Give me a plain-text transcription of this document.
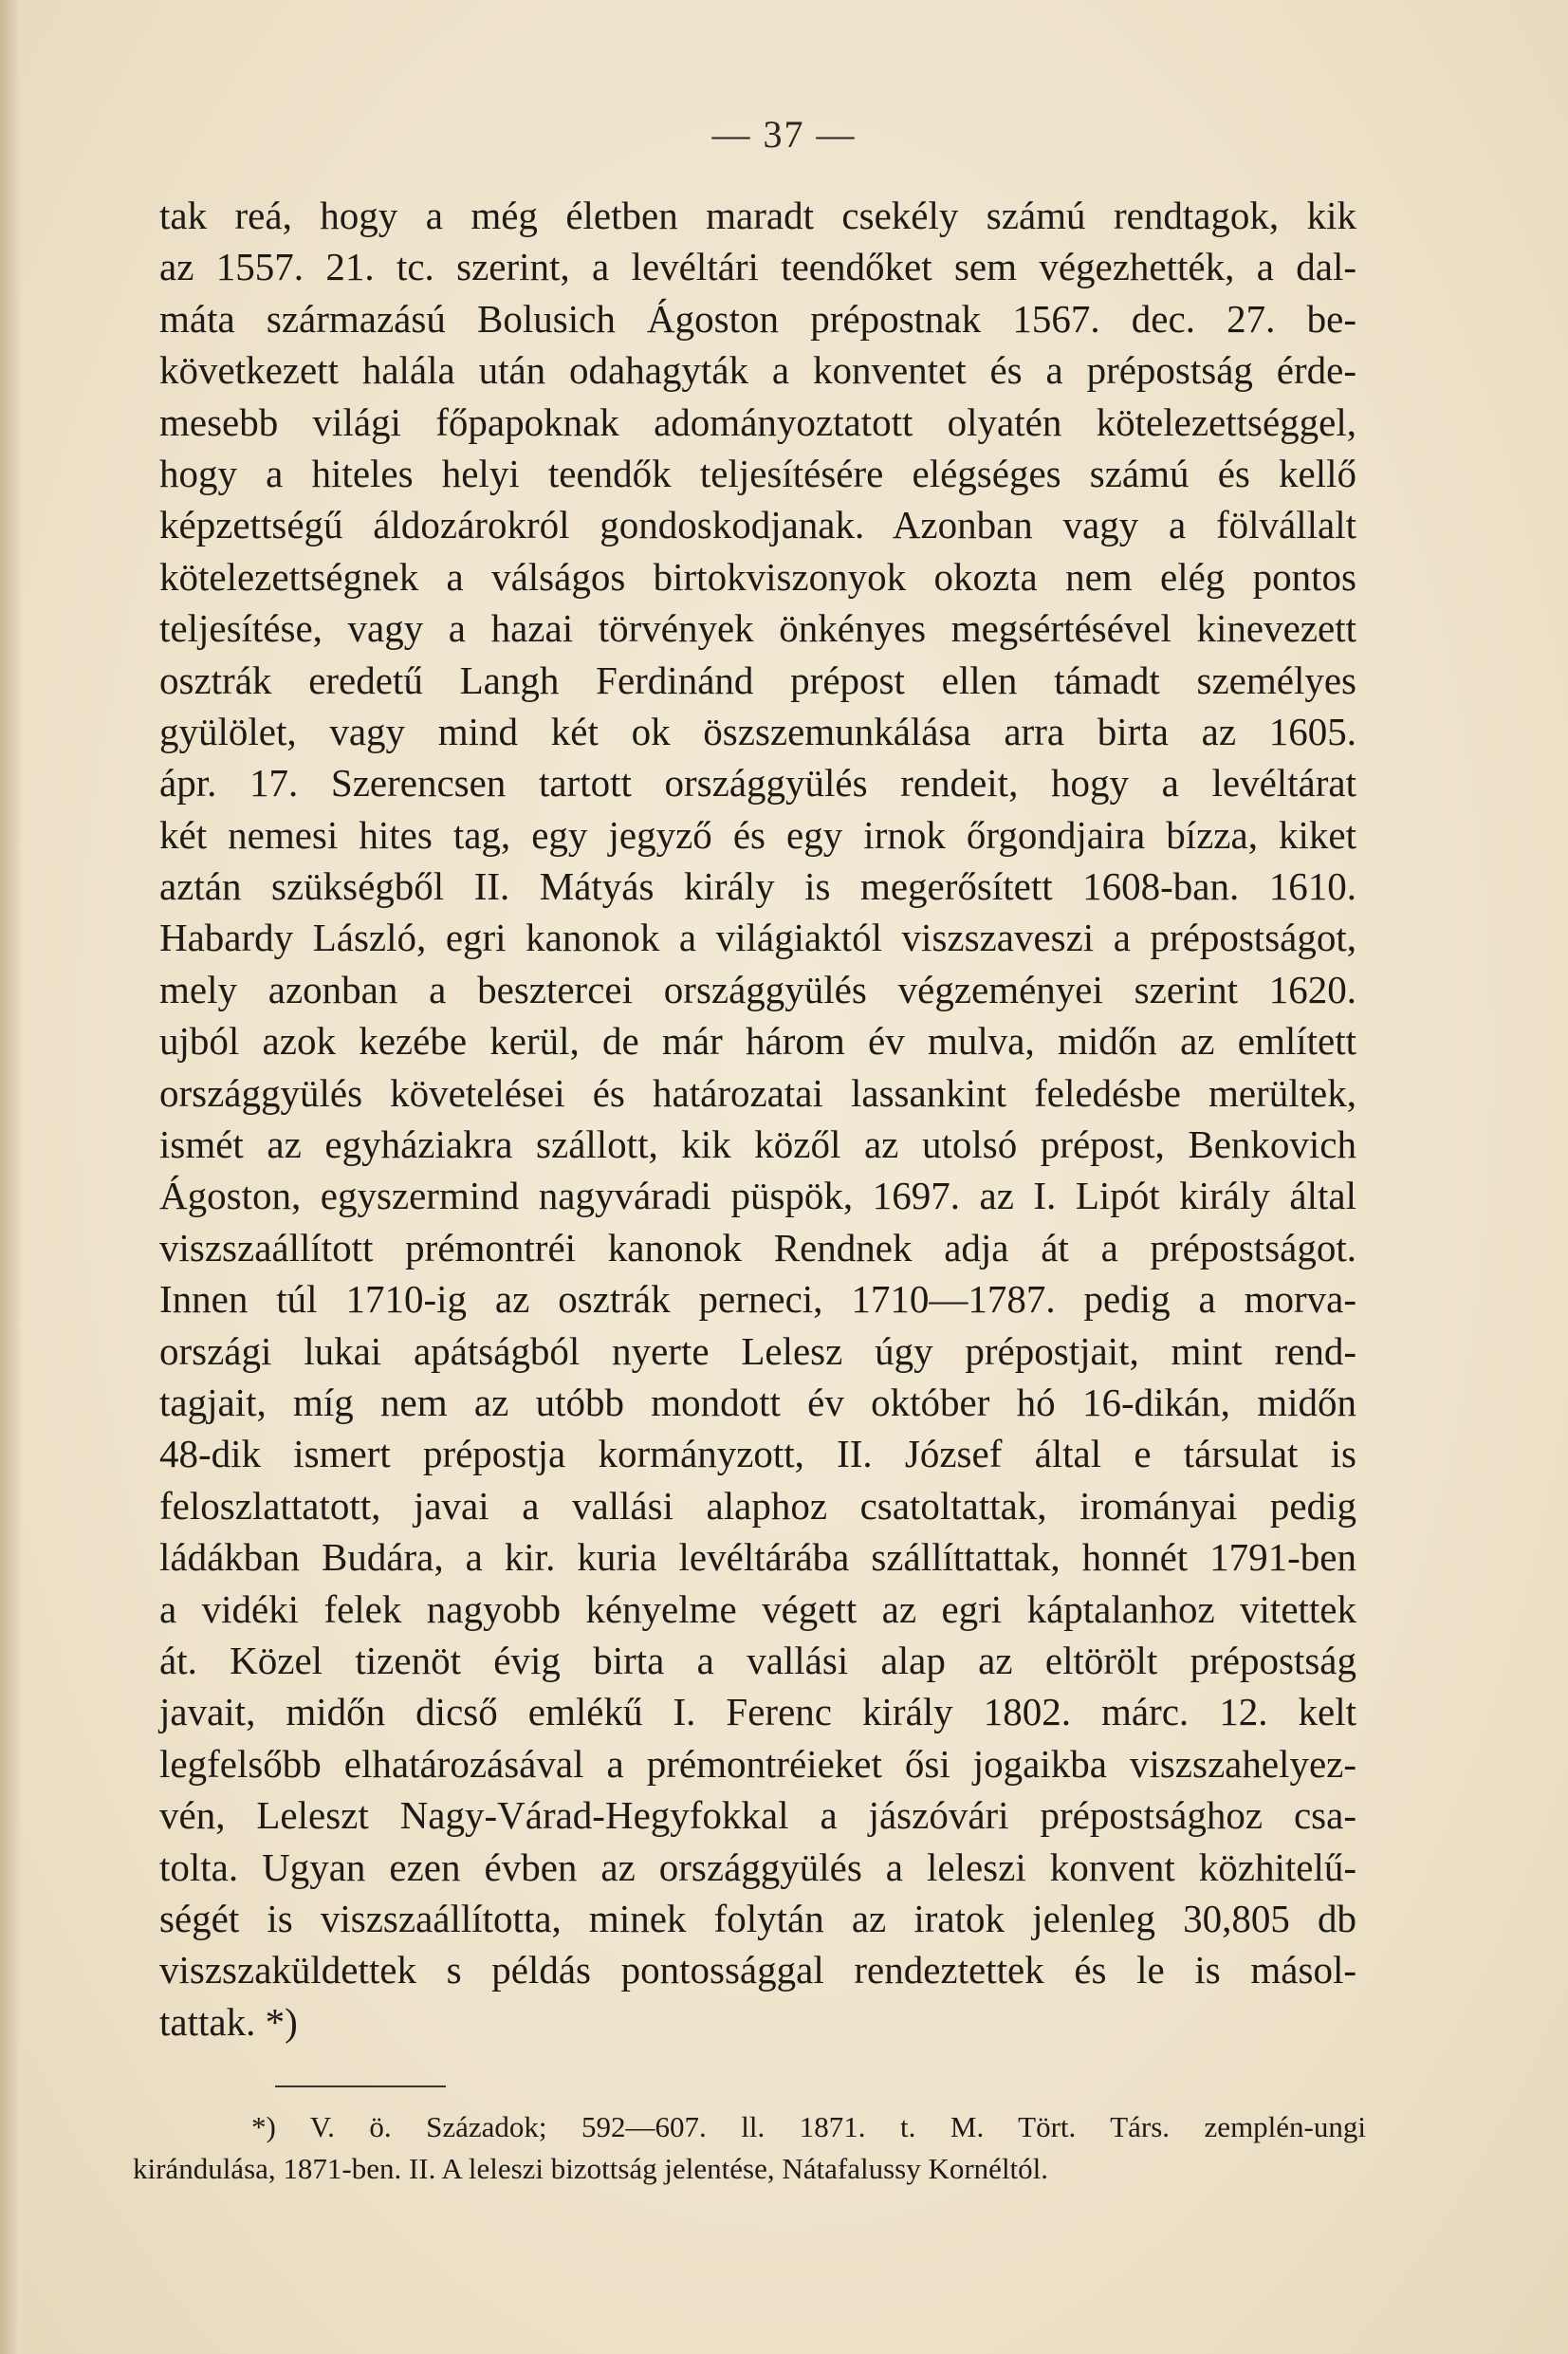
— 37 —
tak reá, hogy a még életben maradt csekély számú rendtagok, kik
az 1557. 21. tc. szerint, a levéltári teendőket sem végezhették, a dal-
máta származású Bolusich Ágoston prépostnak 1567. dec. 27. be-
következett halála után odahagyták a konventet és a prépostság érde-
mesebb világi főpapoknak adományoztatott olyatén kötelezettséggel,
hogy a hiteles helyi teendők teljesítésére elégséges számú és kellő
képzettségű áldozárokról gondoskodjanak. Azonban vagy a fölvállalt
kötelezettségnek a válságos birtokviszonyok okozta nem elég pontos
teljesítése, vagy a hazai törvények önkényes megsértésével kinevezett
osztrák eredetű Langh Ferdinánd prépost ellen támadt személyes
gyülölet, vagy mind két ok öszszemunkálása arra birta az 1605.
ápr. 17. Szerencsen tartott országgyülés rendeit, hogy a levéltárat
két nemesi hites tag, egy jegyző és egy irnok őrgondjaira bízza, kiket
aztán szükségből II. Mátyás király is megerősített 1608-ban. 1610.
Habardy László, egri kanonok a világiaktól viszszaveszi a prépostságot,
mely azonban a besztercei országgyülés végzeményei szerint 1620.
ujból azok kezébe kerül, de már három év mulva, midőn az említett
országgyülés követelései és határozatai lassankint feledésbe merültek,
ismét az egyháziakra szállott, kik közől az utolsó prépost, Benkovich
Ágoston, egyszermind nagyváradi püspök, 1697. az I. Lipót király által
viszszaállított prémontréi kanonok Rendnek adja át a prépostságot.
Innen túl 1710-ig az osztrák perneci, 1710—1787. pedig a morva-
országi lukai apátságból nyerte Lelesz úgy prépostjait, mint rend-
tagjait, míg nem az utóbb mondott év október hó 16-dikán, midőn
48-dik ismert prépostja kormányzott, II. József által e társulat is
feloszlattatott, javai a vallási alaphoz csatoltattak, irományai pedig
ládákban Budára, a kir. kuria levéltárába szállíttattak, honnét 1791-ben
a vidéki felek nagyobb kényelme végett az egri káptalanhoz vitettek
át. Közel tizenöt évig birta a vallási alap az eltörölt prépostság
javait, midőn dicső emlékű I. Ferenc király 1802. márc. 12. kelt
legfelsőbb elhatározásával a prémontréieket ősi jogaikba viszszahelyez-
vén, Leleszt Nagy-Várad-Hegyfokkal a jászóvári prépostsághoz csa-
tolta. Ugyan ezen évben az országgyülés a leleszi konvent közhitelű-
ségét is viszszaállította, minek folytán az iratok jelenleg 30,805 db
viszszaküldettek s példás pontossággal rendeztettek és le is másol-
tattak. *)
*) V. ö. Századok; 592—607. ll. 1871. t. M. Tört. Társ. zemplén-ungi
kirándulása, 1871-ben. II. A leleszi bizottság jelentése, Nátafalussy Kornéltól.
